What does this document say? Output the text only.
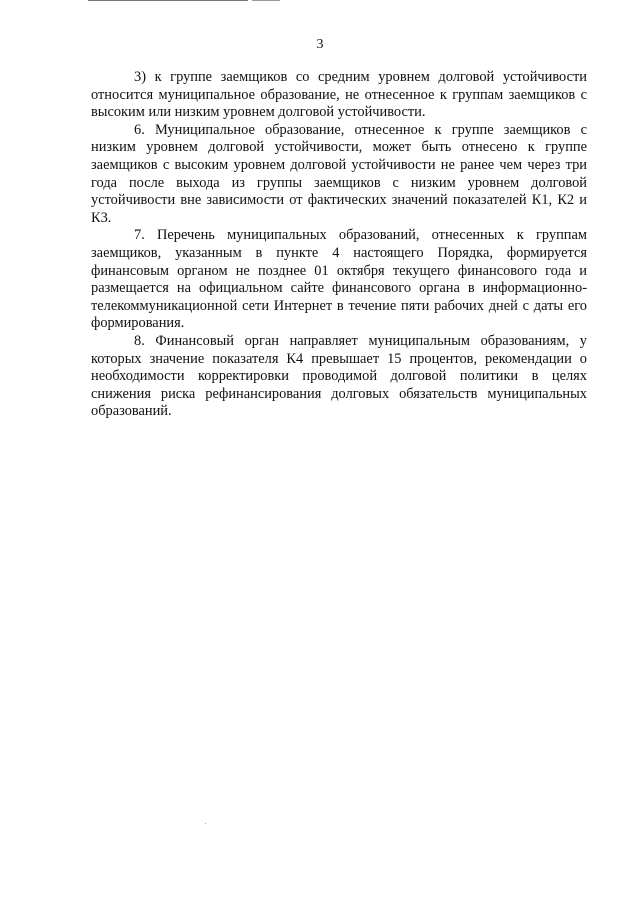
3

3) к группе заемщиков со средним уровнем долговой устойчивости относится муниципальное образование, не отнесенное к группам заемщиков с высоким или низким уровнем долговой устойчивости.

6. Муниципальное образование, отнесенное к группе заемщиков с низким уровнем долговой устойчивости, может быть отнесено к группе заемщиков с высоким уровнем долговой устойчивости не ранее чем через три года после выхода из группы заемщиков с низким уровнем долговой устойчивости вне зависимости от фактических значений показателей К1, К2 и К3.

7. Перечень муниципальных образований, отнесенных к группам заемщиков, указанным в пункте 4 настоящего Порядка, формируется финансовым органом не позднее 01 октября текущего финансового года и размещается на официальном сайте финансового органа в информационно-телекоммуникационной сети Интернет в течение пяти рабочих дней с даты его формирования.

8. Финансовый орган направляет муниципальным образованиям, у которых значение показателя К4 превышает 15 процентов, рекомендации о необходимости корректировки проводимой долговой политики в целях снижения риска рефинансирования долговых обязательств муниципальных образований.
